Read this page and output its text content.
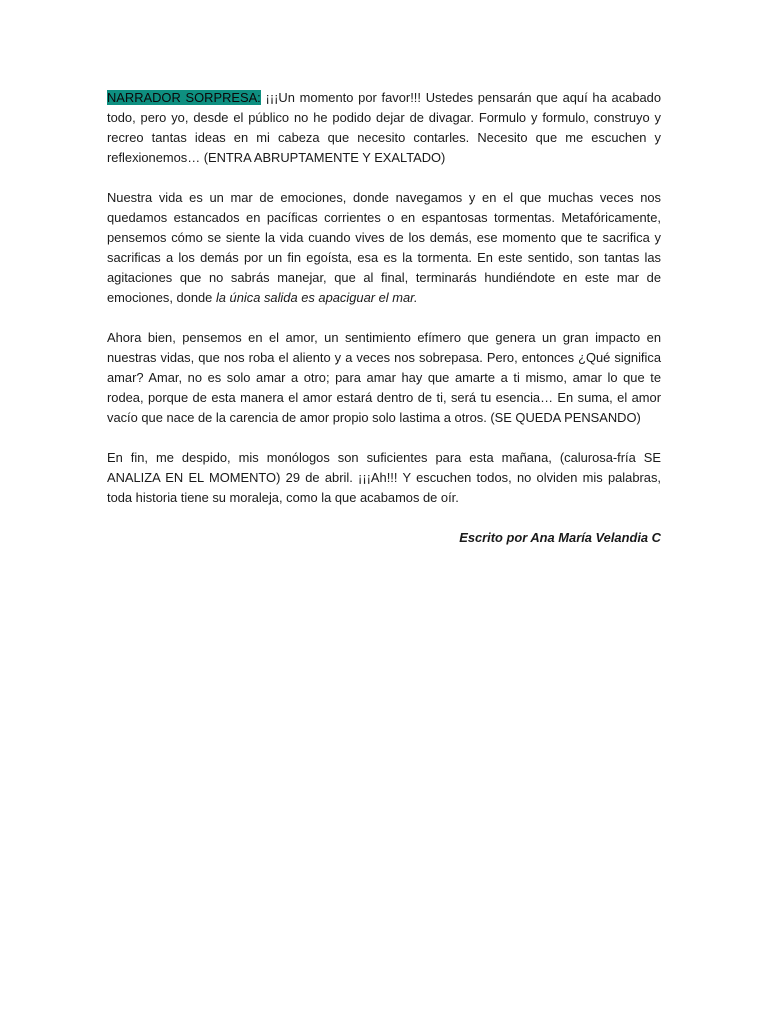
NARRADOR SORPRESA: ¡¡¡Un momento por favor!!! Ustedes pensarán que aquí ha acabado todo, pero yo, desde el público no he podido dejar de divagar. Formulo y formulo, construyo y recreo tantas ideas en mi cabeza que necesito contarles. Necesito que me escuchen y reflexionemos… (ENTRA ABRUPTAMENTE Y EXALTADO)

Nuestra vida es un mar de emociones, donde navegamos y en el que muchas veces nos quedamos estancados en pacíficas corrientes o en espantosas tormentas. Metafóricamente, pensemos cómo se siente la vida cuando vives de los demás, ese momento que te sacrifica y sacrificas a los demás por un fin egoísta, esa es la tormenta. En este sentido, son tantas las agitaciones que no sabrás manejar, que al final, terminarás hundiéndote en este mar de emociones, donde la única salida es apaciguar el mar.

Ahora bien, pensemos en el amor, un sentimiento efímero que genera un gran impacto en nuestras vidas, que nos roba el aliento y a veces nos sobrepasa. Pero, entonces ¿Qué significa amar? Amar, no es solo amar a otro; para amar hay que amarte a ti mismo, amar lo que te rodea, porque de esta manera el amor estará dentro de ti, será tu esencia… En suma, el amor vacío que nace de la carencia de amor propio solo lastima a otros. (SE QUEDA PENSANDO)

En fin, me despido, mis monólogos son suficientes para esta mañana, (calurosa-fría SE ANALIZA EN EL MOMENTO) 29 de abril. ¡¡¡Ah!!! Y escuchen todos, no olviden mis palabras, toda historia tiene su moraleja, como la que acabamos de oír.

Escrito por Ana María Velandia C
